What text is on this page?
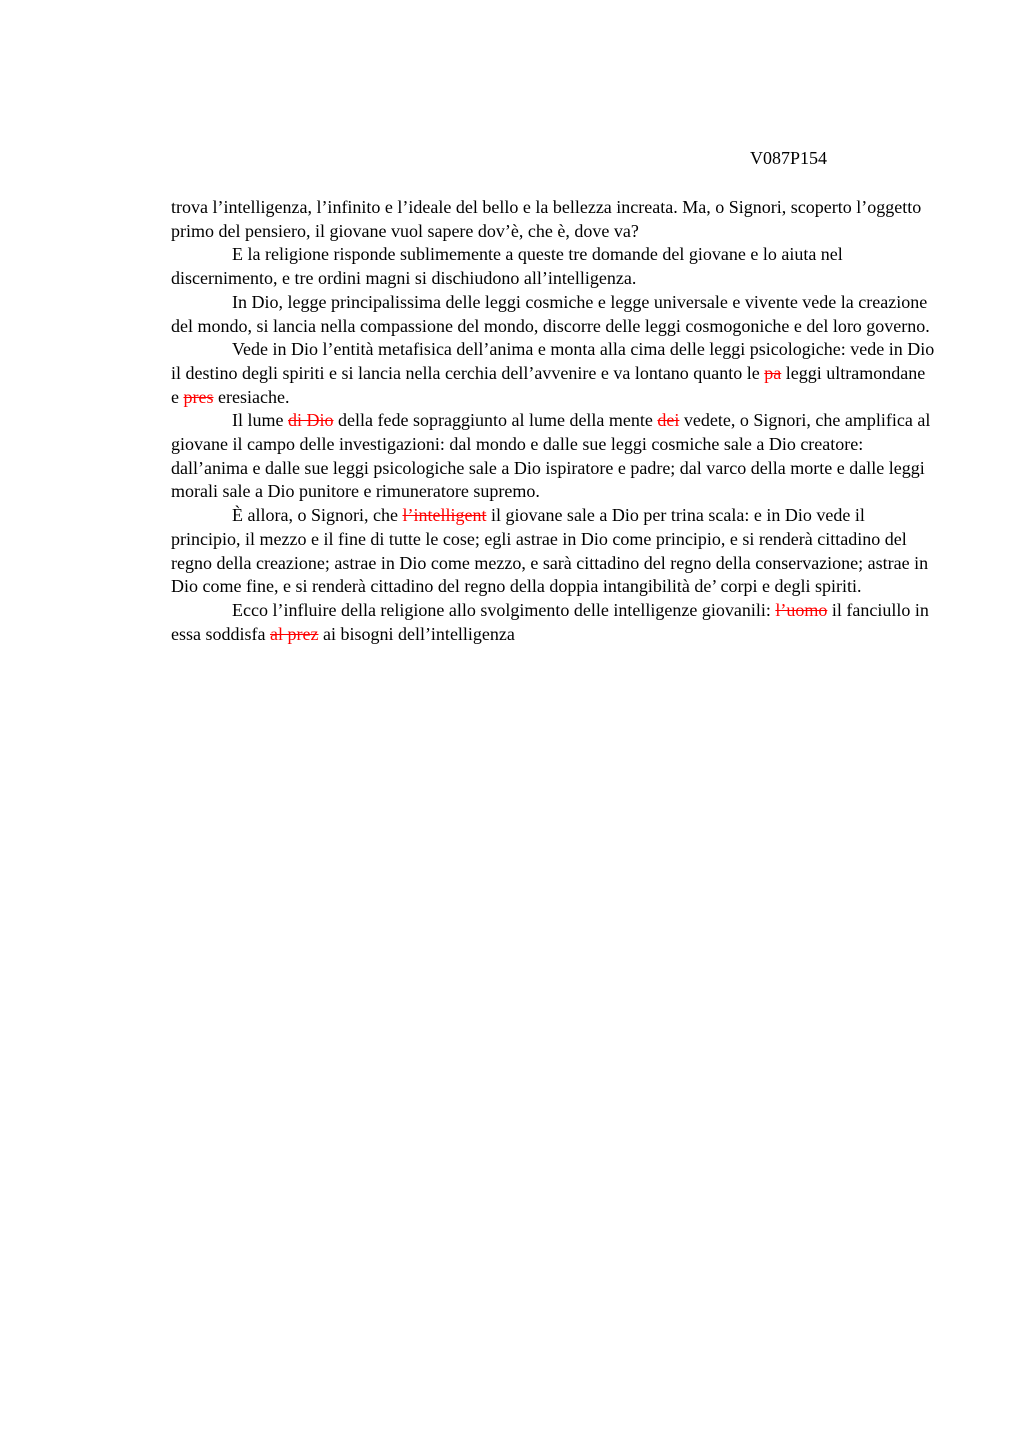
V087P154

trova l’intelligenza, l’infinito e l’ideale del bello e la bellezza increata. Ma, o Signori, scoperto l’oggetto primo del pensiero, il giovane vuol sapere dov’è, che è, dove va?

E la religione risponde sublimemente a queste tre domande del giovane e lo aiuta nel discernimento, e tre ordini magni si dischiudono all’intelligenza.

In Dio, legge principalissima delle leggi cosmiche e legge universale e vivente vede la creazione del mondo, si lancia nella compassione del mondo, discorre delle leggi cosmogoniche e del loro governo.

Vede in Dio l’entità metafisica dell’anima e monta alla cima delle leggi psicologiche: vede in Dio il destino degli spiriti e si lancia nella cerchia dell’avvenire e va lontano quanto le pa leggi ultramondane e pres eresiache.

Il lume di Dio della fede sopraggiunto al lume della mente dei vedete, o Signori, che amplifica al giovane il campo delle investigazioni: dal mondo e dalle sue leggi cosmiche sale a Dio creatore: dall’anima e dalle sue leggi psicologiche sale a Dio ispiratore e padre; dal varco della morte e dalle leggi morali sale a Dio punitore e rimuneratore supremo.

È allora, o Signori, che l’intelligent il giovane sale a Dio per trina scala: e in Dio vede il principio, il mezzo e il fine di tutte le cose; egli astrae in Dio come principio, e si renderà cittadino del regno della creazione; astrae in Dio come mezzo, e sarà cittadino del regno della conservazione; astrae in Dio come fine, e si renderà cittadino del regno della doppia intangibilità de’ corpi e degli spiriti.

Ecco l’influire della religione allo svolgimento delle intelligenze giovanili: l’uomo il fanciullo in essa soddisfa al prez ai bisogni dell’intelligenza
